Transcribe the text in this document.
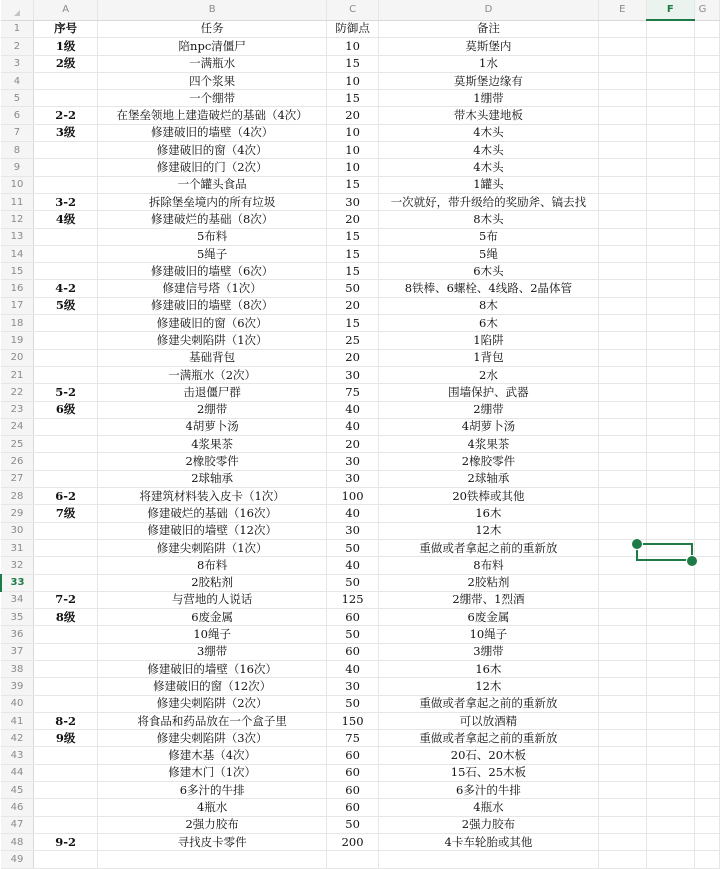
	A	B	C	D	E	F	G
1	序号	任务	防御点	备注			
2	1级	陪npc清僵尸	10	莫斯堡内			
3	2级	一满瓶水	15	1水			
4		四个浆果	10	莫斯堡边缘有			
5		一个绷带	15	1绷带			
6	2-2	在堡垒领地上建造破烂的基础（4次）	20	带木头建地板			
7	3级	修建破旧的墙壁（4次）	10	4木头			
8		修建破旧的窗（4次）	10	4木头			
9		修建破旧的门（2次）	10	4木头			
10		一个罐头食品	15	1罐头			
11	3-2	拆除堡垒境内的所有垃圾	30	一次就好，带升级给的奖励斧、镐去找			
12	4级	修建破烂的基础（8次）	20	8木头			
13		5布料	15	5布			
14		5绳子	15	5绳			
15		修建破旧的墙壁（6次）	15	6木头			
16	4-2	修建信号塔（1次）	50	8铁棒、6螺栓、4线路、2晶体管			
17	5级	修建破旧的墙壁（8次）	20	8木			
18		修建破旧的窗（6次）	15	6木			
19		修建尖刺陷阱（1次）	25	1陷阱			
20		基础背包	20	1背包			
21		一满瓶水（2次）	30	2水			
22	5-2	击退僵尸群	75	围墙保护、武器			
23	6级	2绷带	40	2绷带			
24		4胡萝卜汤	40	4胡萝卜汤			
25		4浆果茶	20	4浆果茶			
26		2橡胶零件	30	2橡胶零件			
27		2球轴承	30	2球轴承			
28	6-2	将建筑材料装入皮卡（1次）	100	20铁棒或其他			
29	7级	修建破烂的基础（16次）	40	16木			
30		修建破旧的墙壁（12次）	30	12木			
31		修建尖刺陷阱（1次）	50	重做或者拿起之前的重新放			
32		8布料	40	8布料			
33		2胶粘剂	50	2胶粘剂			
34	7-2	与营地的人说话	125	2绷带、1烈酒			
35	8级	6废金属	60	6废金属			
36		10绳子	50	10绳子			
37		3绷带	60	3绷带			
38		修建破旧的墙壁（16次）	40	16木			
39		修建破旧的窗（12次）	30	12木			
40		修建尖刺陷阱（2次）	50	重做或者拿起之前的重新放			
41	8-2	将食品和药品放在一个盒子里	150	可以放酒精			
42	9级	修建尖刺陷阱（3次）	75	重做或者拿起之前的重新放			
43		修建木基（4次）	60	20石、20木板			
44		修建木门（1次）	60	15石、25木板			
45		6多汁的牛排	60	6多汁的牛排			
46		4瓶水	60	4瓶水			
47		2强力胶布	50	2强力胶布			
48	9-2	寻找皮卡零件	200	4卡车轮胎或其他			
49							
